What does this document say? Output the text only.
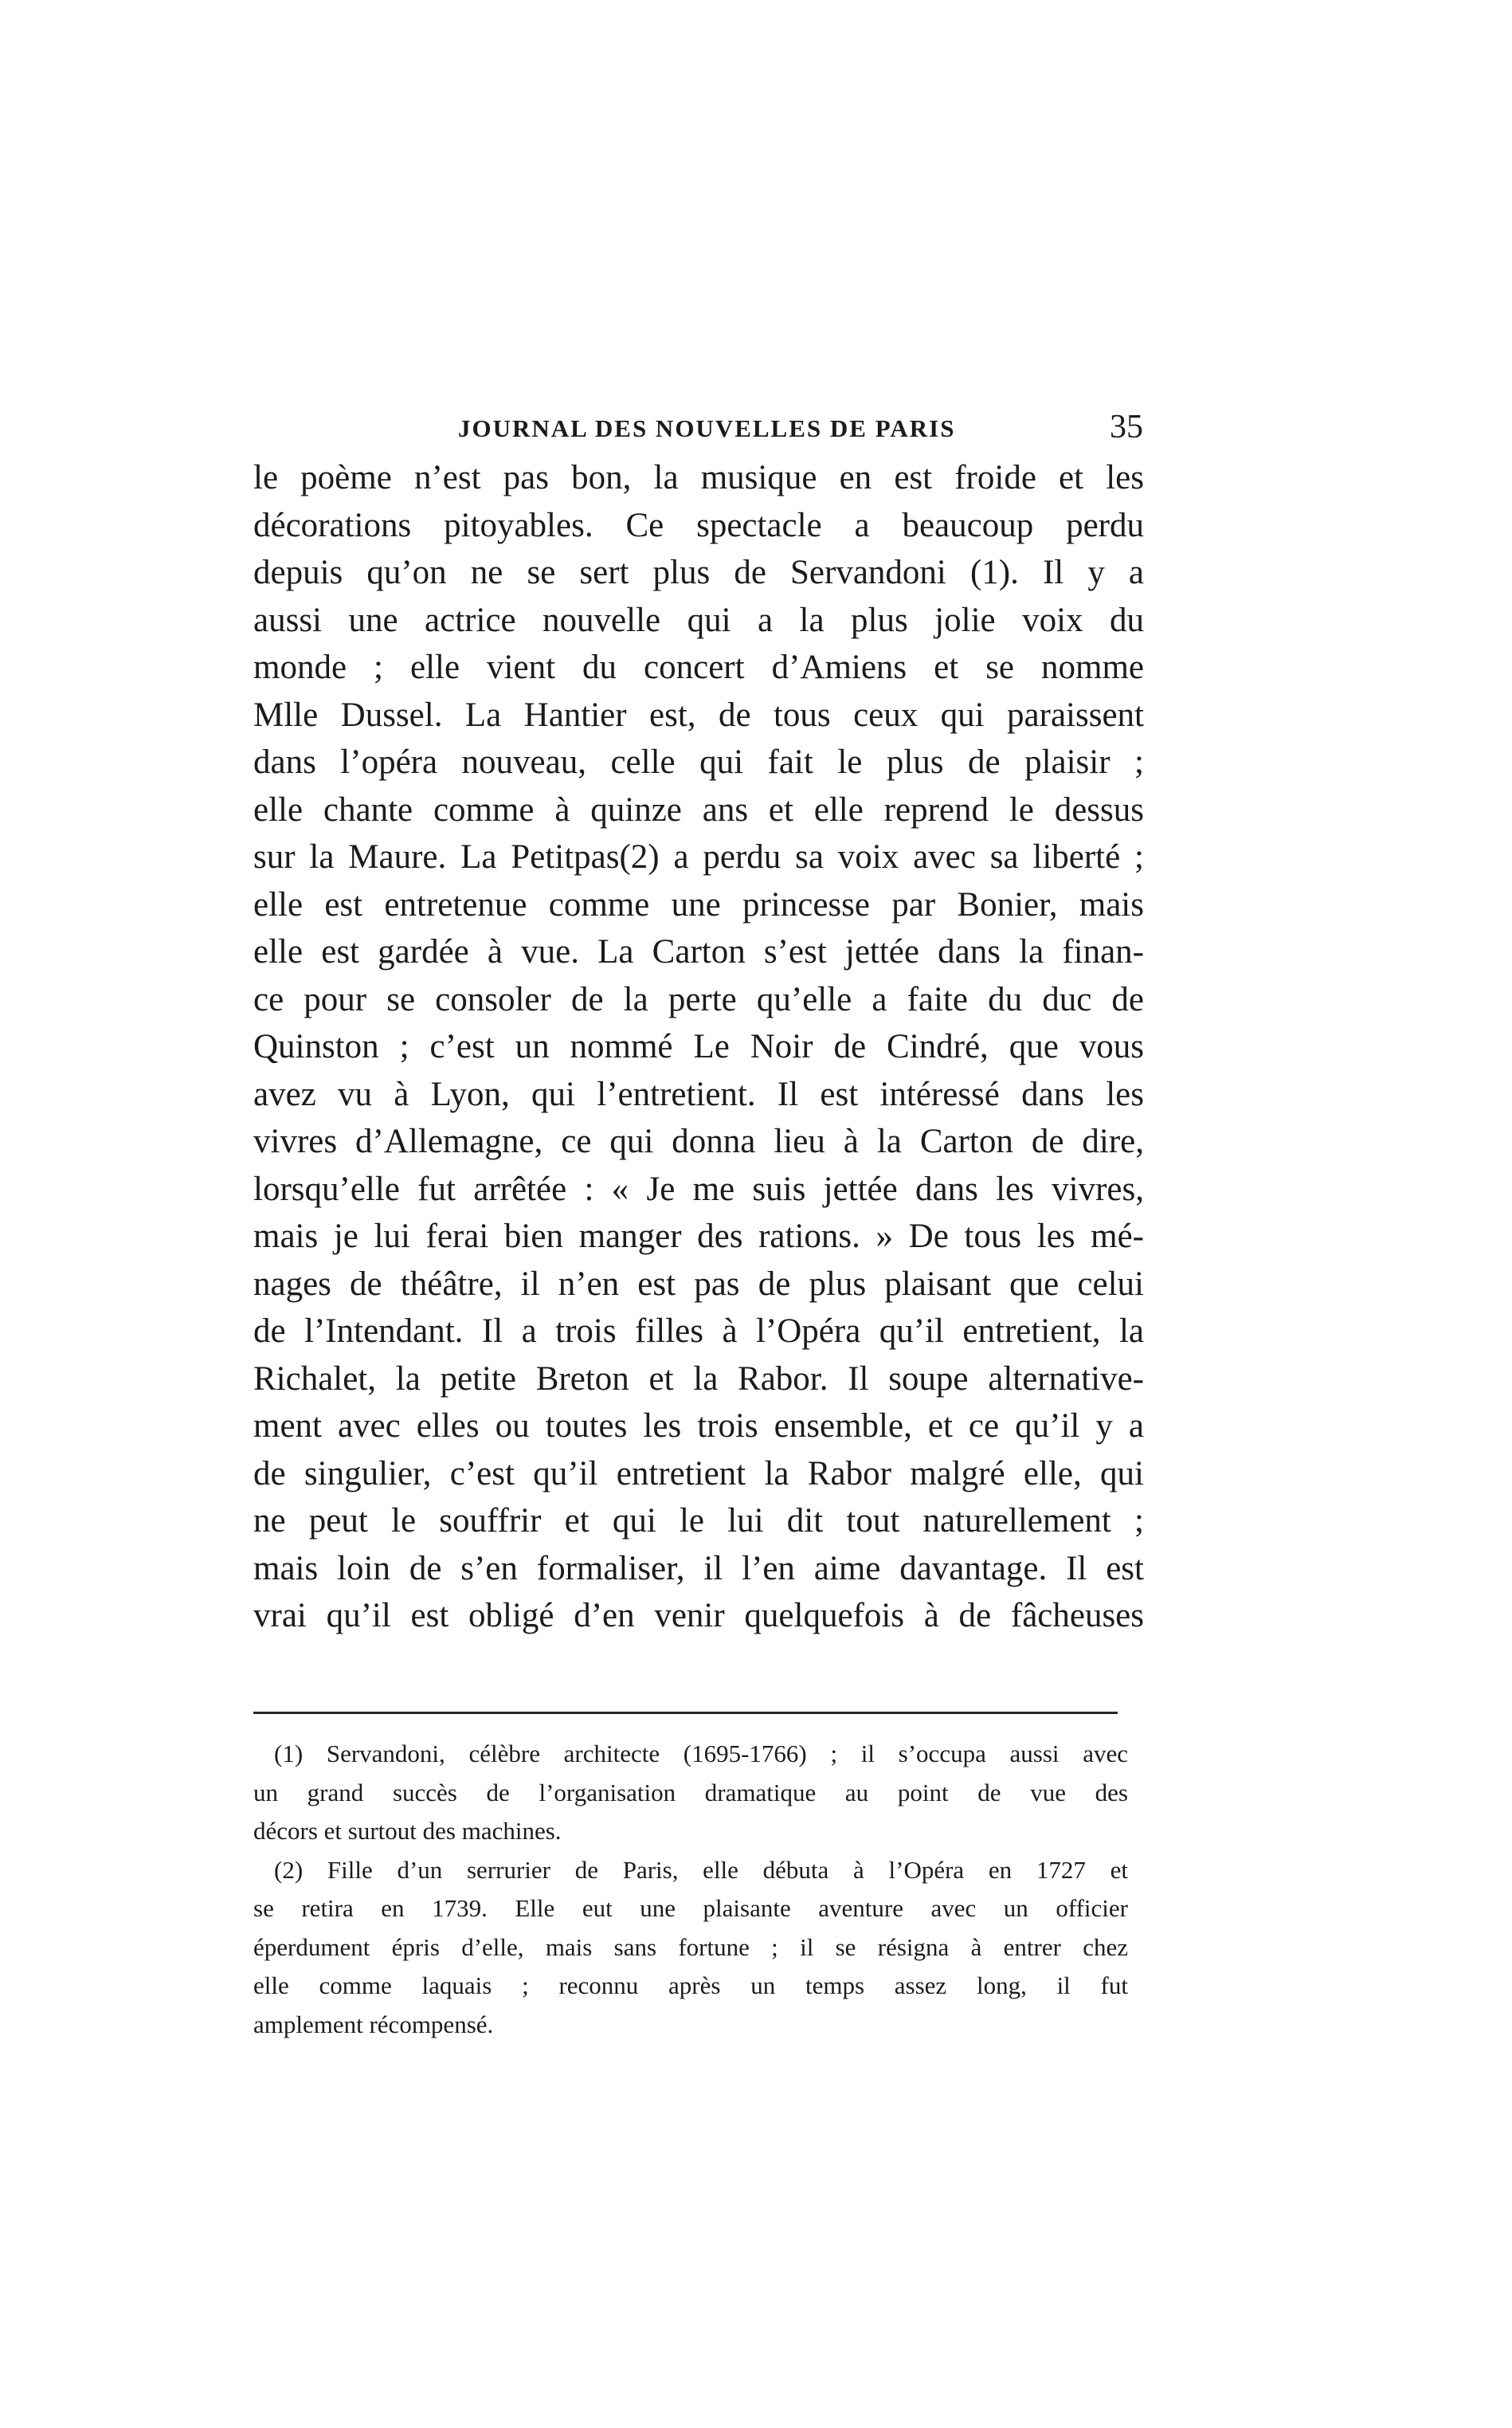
JOURNAL DES NOUVELLES DE PARIS	35
le poème n’est pas bon, la musique en est froide et les
décorations pitoyables. Ce spectacle a beaucoup perdu
depuis qu’on ne se sert plus de Servandoni (1). Il y a
aussi une actrice nouvelle qui a la plus jolie voix du
monde ; elle vient du concert d’Amiens et se nomme
Mlle Dussel. La Hantier est, de tous ceux qui paraissent
dans l’opéra nouveau, celle qui fait le plus de plaisir ;
elle chante comme à quinze ans et elle reprend le dessus
sur la Maure. La Petitpas(2) a perdu sa voix avec sa liberté ;
elle est entretenue comme une princesse par Bonier, mais
elle est gardée à vue. La Carton s’est jettée dans la finan-
ce pour se consoler de la perte qu’elle a faite du duc de
Quinston ; c’est un nommé Le Noir de Cindré, que vous
avez vu à Lyon, qui l’entretient. Il est intéressé dans les
vivres d’Allemagne, ce qui donna lieu à la Carton de dire,
lorsqu’elle fut arrêtée : « Je me suis jettée dans les vivres,
mais je lui ferai bien manger des rations. » De tous les mé-
nages de théâtre, il n’en est pas de plus plaisant que celui
de l’Intendant. Il a trois filles à l’Opéra qu’il entretient, la
Richalet, la petite Breton et la Rabor. Il soupe alternative-
ment avec elles ou toutes les trois ensemble, et ce qu’il y a
de singulier, c’est qu’il entretient la Rabor malgré elle, qui
ne peut le souffrir et qui le lui dit tout naturellement ;
mais loin de s’en formaliser, il l’en aime davantage. Il est
vrai qu’il est obligé d’en venir quelquefois à de fâcheuses
(1) Servandoni, célèbre architecte (1695-1766) ; il s’occupa aussi avec
un grand succès de l’organisation dramatique au point de vue des
décors et surtout des machines.
(2) Fille d’un serrurier de Paris, elle débuta à l’Opéra en 1727 et
se retira en 1739. Elle eut une plaisante aventure avec un officier
éperdument épris d’elle, mais sans fortune ; il se résigna à entrer chez
elle comme laquais ; reconnu après un temps assez long, il fut
amplement récompensé.
